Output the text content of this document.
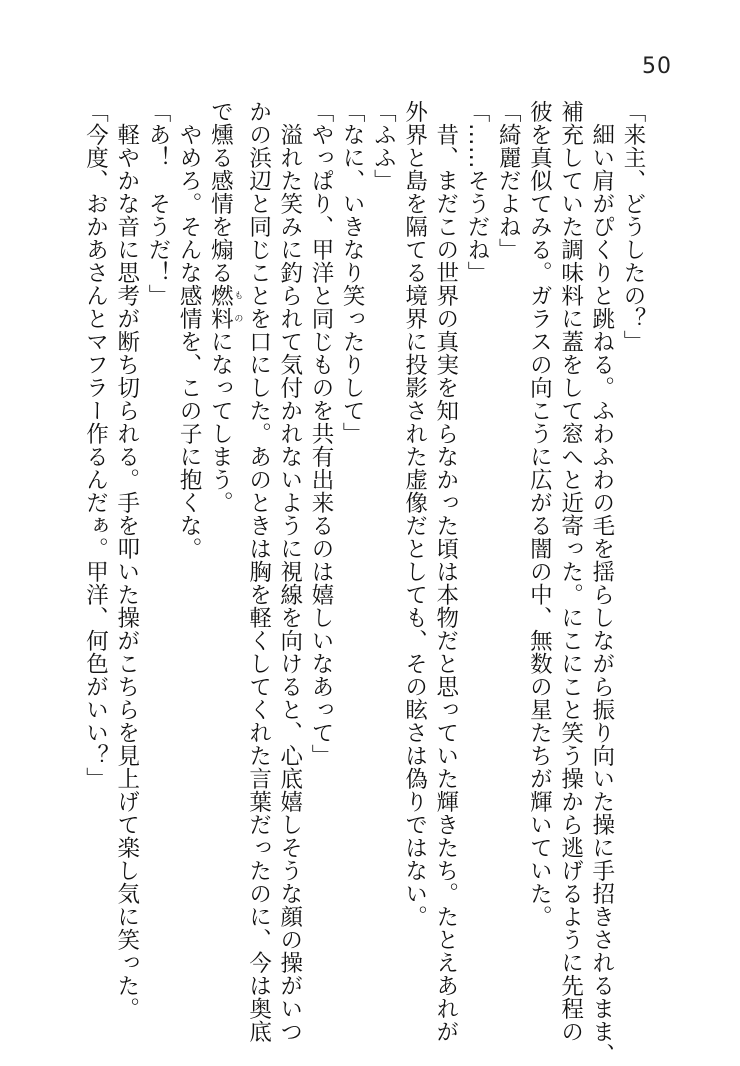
50

「来主、どうしたの？」

　細い肩がぴくりと跳ねる。ふわふわの毛を揺らしながら振り向いた操に手招きされるまま、

補充していた調味料に蓋をして窓へと近寄った。にこにこと笑う操から逃げるように先程の

彼を真似てみる。ガラスの向こうに広がる闇の中、無数の星たちが輝いていた。

「綺麗だよね」

「……そうだね」

　昔、まだこの世界の真実を知らなかった頃は本物だと思っていた輝きたち。たとえあれが

外界と島を隔てる境界に投影された虚像だとしても、その眩さは偽りではない。

「ふふ」

「なに、いきなり笑ったりして」

「やっぱり、甲洋と同じものを共有出来るのは嬉しいなあって」

　溢れた笑みに釣られて気付かれないように視線を向けると、心底嬉しそうな顔の操がいつ

かの浜辺と同じことを口にした。あのときは胸を軽くしてくれた言葉だったのに、今は奥底

で燻る感情を煽る燃料 ものになってしまう。

　やめろ。そんな感情を、この子に抱くな。

「あ！　そうだ！」

　軽やかな音に思考が断ち切られる。手を叩いた操がこちらを見上げて楽し気に笑った。

「今度、おかあさんとマフラー作るんだぁ。甲洋、何色がいい？」
